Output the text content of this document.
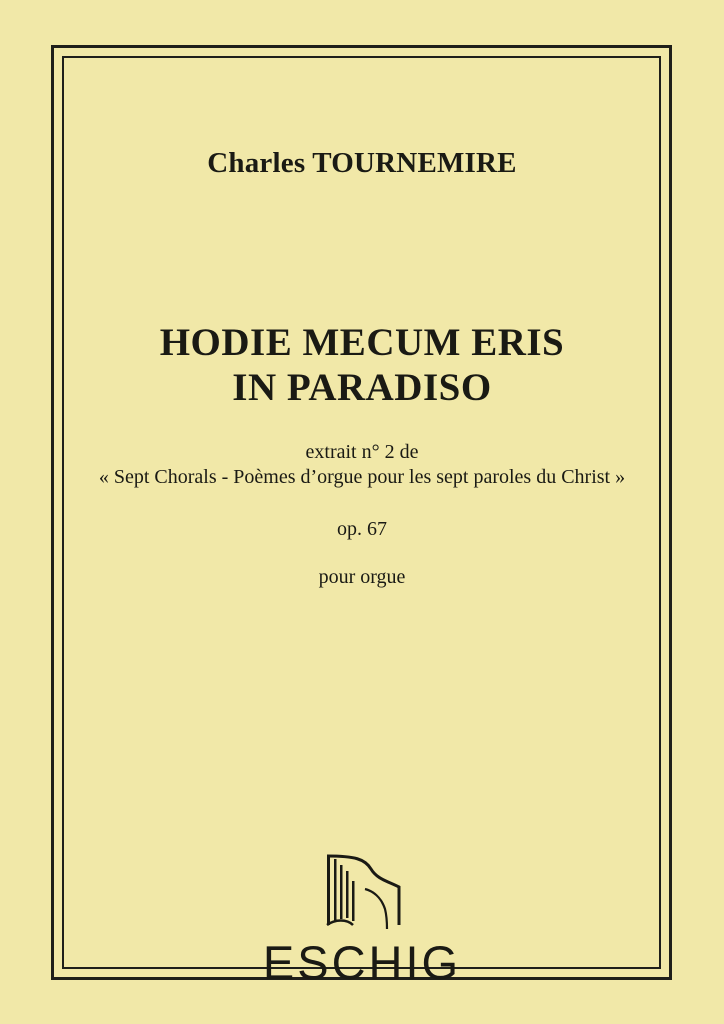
Charles TOURNEMIRE
HODIE MECUM ERIS
IN PARADISO
extrait n° 2 de
« Sept Chorals - Poèmes d’orgue pour les sept paroles du Christ »
op. 67
pour orgue
ESCHIG
